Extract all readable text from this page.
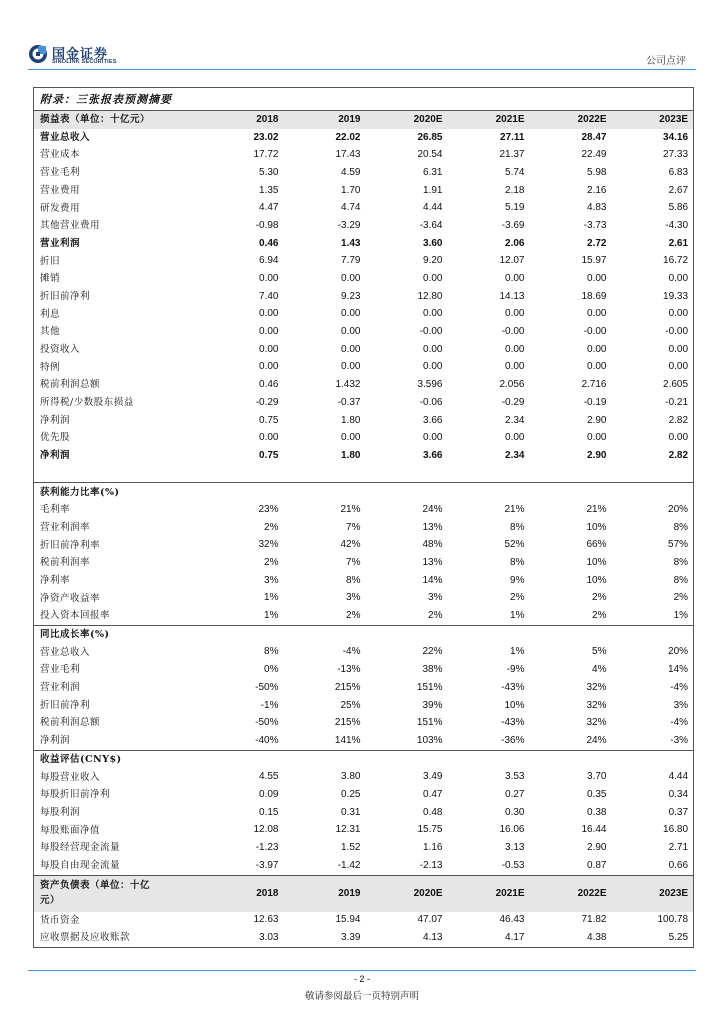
国金证券
SINOLINK SECURITIES	公司点评
附录：三张报表预测摘要						
损益表（单位：十亿元）	2018	2019	2020E	2021E	2022E	2023E
营业总收入	23.02	22.02	26.85	27.11	28.47	34.16
营业成本	17.72	17.43	20.54	21.37	22.49	27.33
营业毛利	5.30	4.59	6.31	5.74	5.98	6.83
营业费用	1.35	1.70	1.91	2.18	2.16	2.67
研发费用	4.47	4.74	4.44	5.19	4.83	5.86
其他营业费用	-0.98	-3.29	-3.64	-3.69	-3.73	-4.30
营业利润	0.46	1.43	3.60	2.06	2.72	2.61
折旧	6.94	7.79	9.20	12.07	15.97	16.72
摊销	0.00	0.00	0.00	0.00	0.00	0.00
折旧前净利	7.40	9.23	12.80	14.13	18.69	19.33
利息	0.00	0.00	0.00	0.00	0.00	0.00
其他	0.00	0.00	-0.00	-0.00	-0.00	-0.00
投资收入	0.00	0.00	0.00	0.00	0.00	0.00
特例	0.00	0.00	0.00	0.00	0.00	0.00
税前利润总额	0.46	1.432	3.596	2.056	2.716	2.605
所得税/少数股东损益	-0.29	-0.37	-0.06	-0.29	-0.19	-0.21
净利润	0.75	1.80	3.66	2.34	2.90	2.82
优先股	0.00	0.00	0.00	0.00	0.00	0.00
净利润	0.75	1.80	3.66	2.34	2.90	2.82

获利能力比率(%)						
毛利率	23%	21%	24%	21%	21%	20%
营业利润率	2%	7%	13%	8%	10%	8%
折旧前净利率	32%	42%	48%	52%	66%	57%
税前利润率	2%	7%	13%	8%	10%	8%
净利率	3%	8%	14%	9%	10%	8%
净资产收益率	1%	3%	3%	2%	2%	2%
投入资本回报率	1%	2%	2%	1%	2%	1%
同比成长率(%)						
营业总收入	8%	-4%	22%	1%	5%	20%
营业毛利	0%	-13%	38%	-9%	4%	14%
营业利润	-50%	215%	151%	-43%	32%	-4%
折旧前净利	-1%	25%	39%	10%	32%	3%
税前利润总额	-50%	215%	151%	-43%	32%	-4%
净利润	-40%	141%	103%	-36%	24%	-3%
收益评估(CNY$)						
每股营业收入	4.55	3.80	3.49	3.53	3.70	4.44
每股折旧前净利	0.09	0.25	0.47	0.27	0.35	0.34
每股利润	0.15	0.31	0.48	0.30	0.38	0.37
每股账面净值	12.08	12.31	15.75	16.06	16.44	16.80
每股经营现金流量	-1.23	1.52	1.16	3.13	2.90	2.71
每股自由现金流量	-3.97	-1.42	-2.13	-0.53	0.87	0.66
资产负债表（单位：十亿
元）	2018	2019	2020E	2021E	2022E	2023E
货币资金	12.63	15.94	47.07	46.43	71.82	100.78
应收票据及应收账款	3.03	3.39	4.13	4.17	4.38	5.25
- 2 -
敬请参阅最后一页特别声明
